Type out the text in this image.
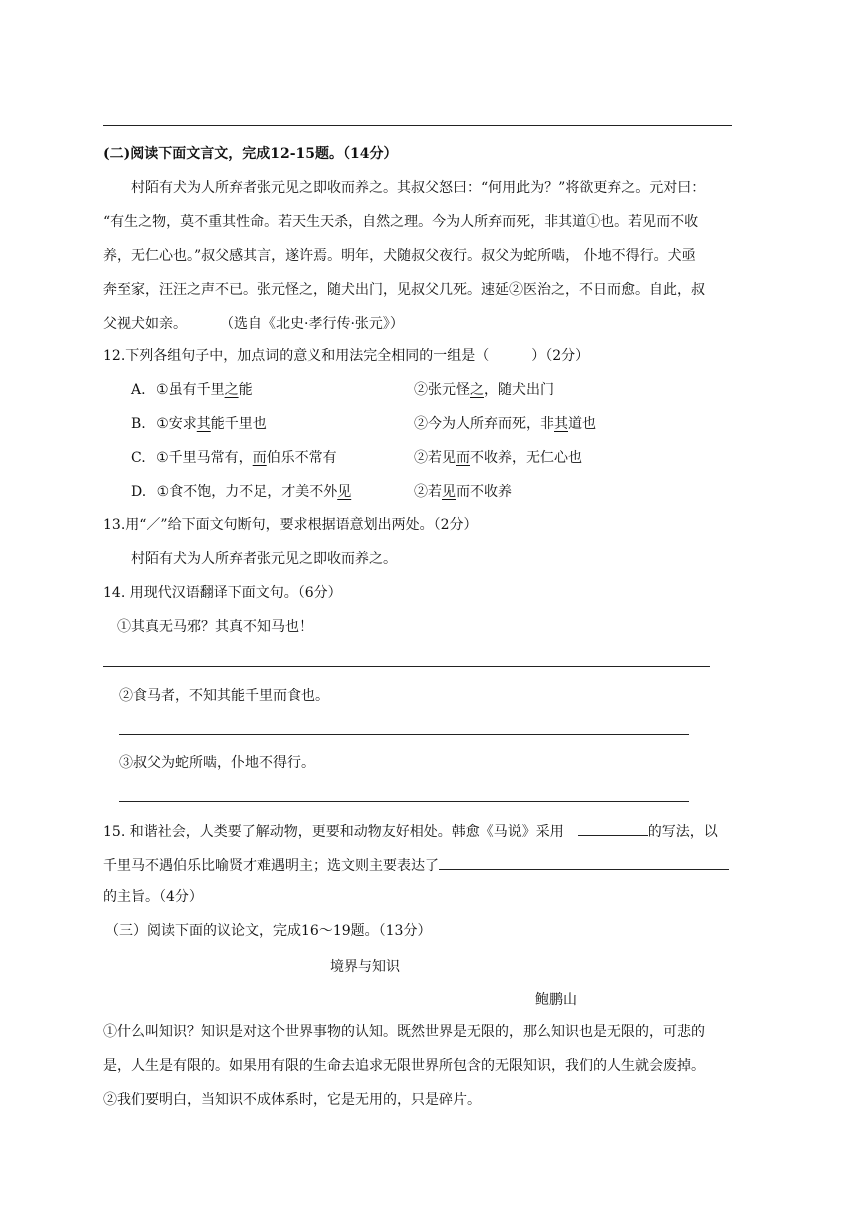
(二)阅读下面文言文，完成12-15题。（14分）
村陌有犬为人所弃者张元见之即收而养之。其叔父怒曰：“何用此为？”将欲更弃之。元对曰：
“有生之物，莫不重其性命。若天生天杀，自然之理。今为人所弃而死，非其道①也。若见而不收
养，无仁心也。”叔父感其言，遂许焉。明年，犬随叔父夜行。叔父为蛇所啮， 仆地不得行。犬亟
奔至家，汪汪之声不已。张元怪之，随犬出门，见叔父几死。速延②医治之，不日而愈。自此，叔
父视犬如亲。	（选自《北史·孝行传·张元》）
12.下列各组句子中，加点词的意义和用法完全相同的一组是（　　　）（2分）
A. ①虽有千里之能	②张元怪之，随犬出门
B. ①安求其能千里也	②今为人所弃而死，非其道也
C. ①千里马常有，而伯乐不常有	②若见而不收养，无仁心也
D. ①食不饱，力不足，才美不外见	②若见而不收养
13.用“／”给下面文句断句，要求根据语意划出两处。（2分）
村陌有犬为人所弃者张元见之即收而养之。
14. 用现代汉语翻译下面文句。（6分）
①其真无马邪？其真不知马也！
②食马者，不知其能千里而食也。
③叔父为蛇所啮，仆地不得行。
15. 和谐社会，人类要了解动物，更要和动物友好相处。韩愈《马说》采用	的写法，以
千里马不遇伯乐比喻贤才难遇明主；选文则主要表达了
的主旨。（4分）
（三）阅读下面的议论文，完成16～19题。（13分）
境界与知识
鲍鹏山
①什么叫知识？知识是对这个世界事物的认知。既然世界是无限的，那么知识也是无限的，可悲的
是，人生是有限的。如果用有限的生命去追求无限世界所包含的无限知识，我们的人生就会废掉。
②我们要明白，当知识不成体系时，它是无用的，只是碎片。
